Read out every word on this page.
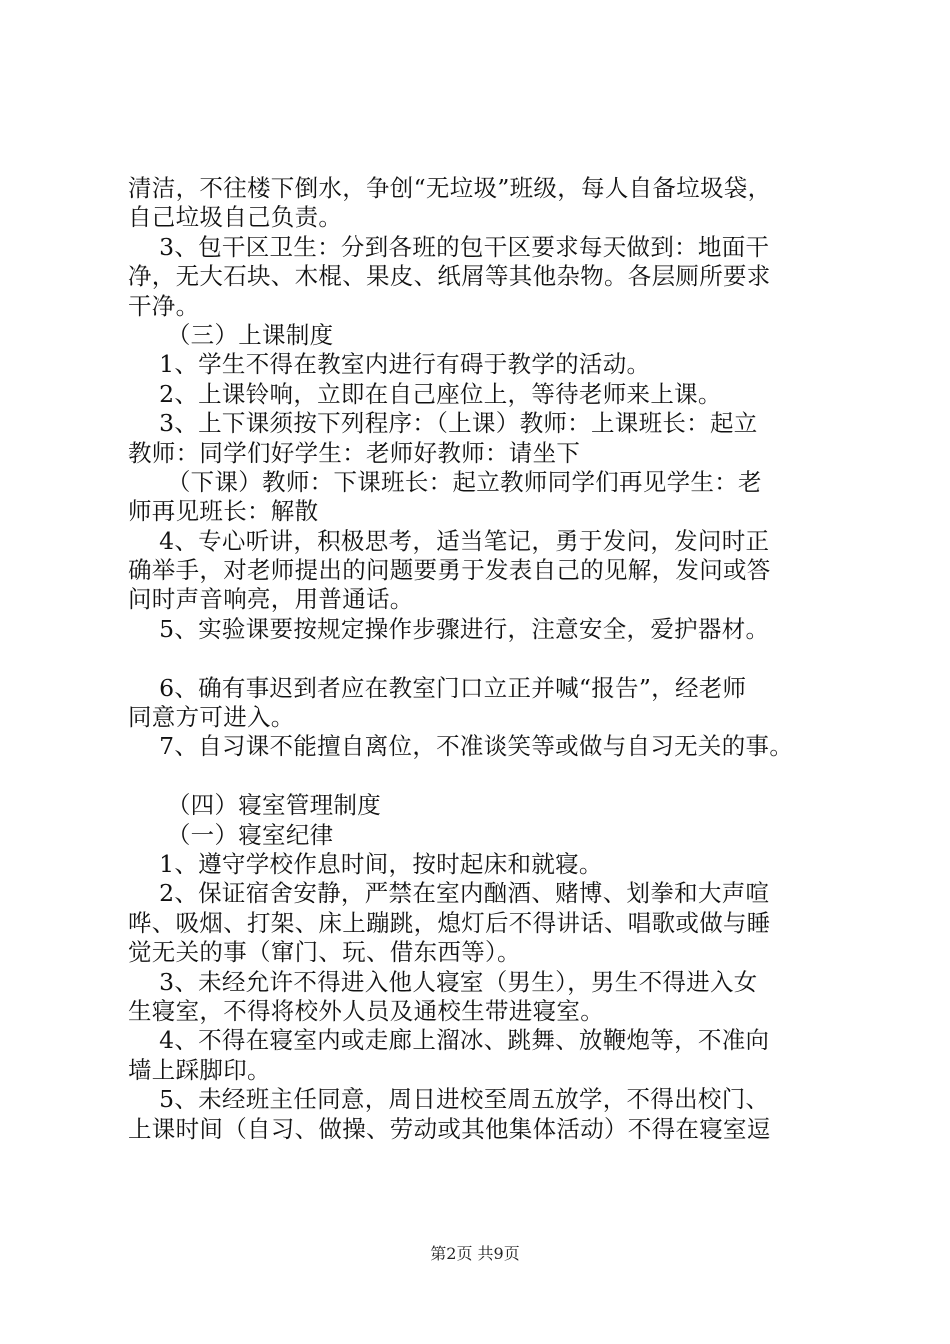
清洁，不往楼下倒水，争创“无垃圾”班级，每人自备垃圾袋，
自己垃圾自己负责。
3、包干区卫生：分到各班的包干区要求每天做到：地面干
净，无大石块、木棍、果皮、纸屑等其他杂物。各层厕所要求
干净。
（三）上课制度
1、学生不得在教室内进行有碍于教学的活动。
2、上课铃响，立即在自己座位上，等待老师来上课。
3、上下课须按下列程序：（上课）教师：上课班长：起立
教师：同学们好学生：老师好教师：请坐下
（下课）教师：下课班长：起立教师同学们再见学生：老
师再见班长：解散
4、专心听讲，积极思考，适当笔记，勇于发问，发问时正
确举手，对老师提出的问题要勇于发表自己的见解，发问或答
问时声音响亮，用普通话。
5、实验课要按规定操作步骤进行，注意安全，爱护器材。
6、确有事迟到者应在教室门口立正并喊“报告”，经老师
同意方可进入。
7、自习课不能擅自离位，不准谈笑等或做与自习无关的事。
（四）寝室管理制度
（一）寝室纪律
1、遵守学校作息时间，按时起床和就寝。
2、保证宿舍安静，严禁在室内酗酒、赌博、划拳和大声喧
哗、吸烟、打架、床上蹦跳，熄灯后不得讲话、唱歌或做与睡
觉无关的事（窜门、玩、借东西等）。
3、未经允许不得进入他人寝室（男生），男生不得进入女
生寝室，不得将校外人员及通校生带进寝室。
4、不得在寝室内或走廊上溜冰、跳舞、放鞭炮等，不准向
墙上踩脚印。
5、未经班主任同意，周日进校至周五放学，不得出校门、
上课时间（自习、做操、劳动或其他集体活动）不得在寝室逗
第2页 共9页
